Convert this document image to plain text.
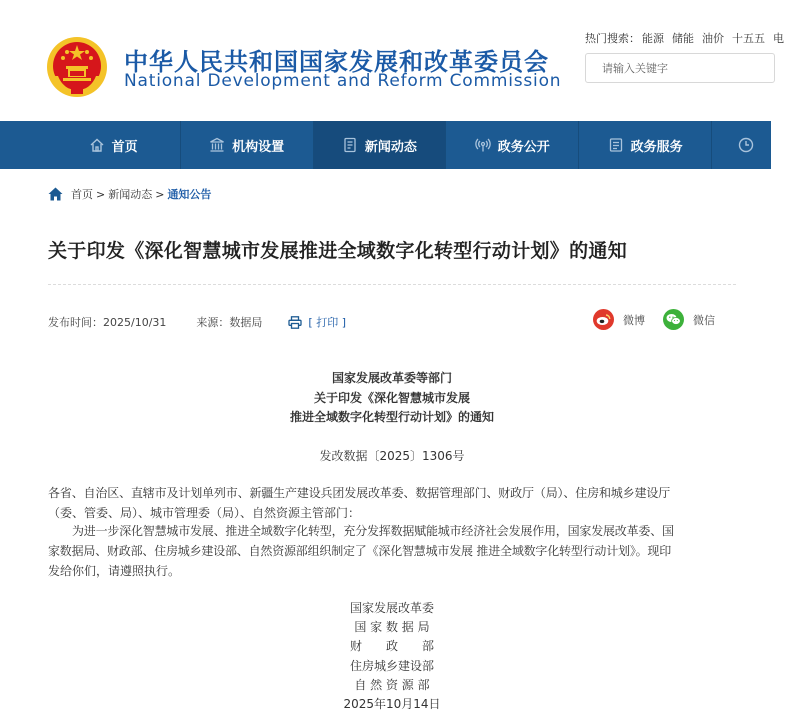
中华人民共和国国家发展和改革委员会
National Development and Reform Commission
热门搜索： 能源 储能 油价 十五五 电
请输入关键字
首页	机构设置	新闻动态	政务公开	政务服务
首页 > 新闻动态 > 通知公告
关于印发《深化智慧城市发展推进全域数字化转型行动计划》的通知
发布时间：2025/10/31	来源：数据局	[ 打印 ]	微博	微信
国家发展改革委等部门
关于印发《深化智慧城市发展
推进全域数字化转型行动计划》的通知
发改数据〔2025〕1306号
各省、自治区、直辖市及计划单列市、新疆生产建设兵团发展改革委、数据管理部门、财政厅（局）、住房和城乡建设厅
（委、管委、局）、城市管理委（局）、自然资源主管部门：
为进一步深化智慧城市发展、推进全域数字化转型，充分发挥数据赋能城市经济社会发展作用，国家发展改革委、国
家数据局、财政部、住房城乡建设部、自然资源部组织制定了《深化智慧城市发展 推进全域数字化转型行动计划》。现印
发给你们，请遵照执行。
国家发展改革委
国 家 数 据 局
财　　政　　部
住房城乡建设部
自 然 资 源 部
2025年10月14日
